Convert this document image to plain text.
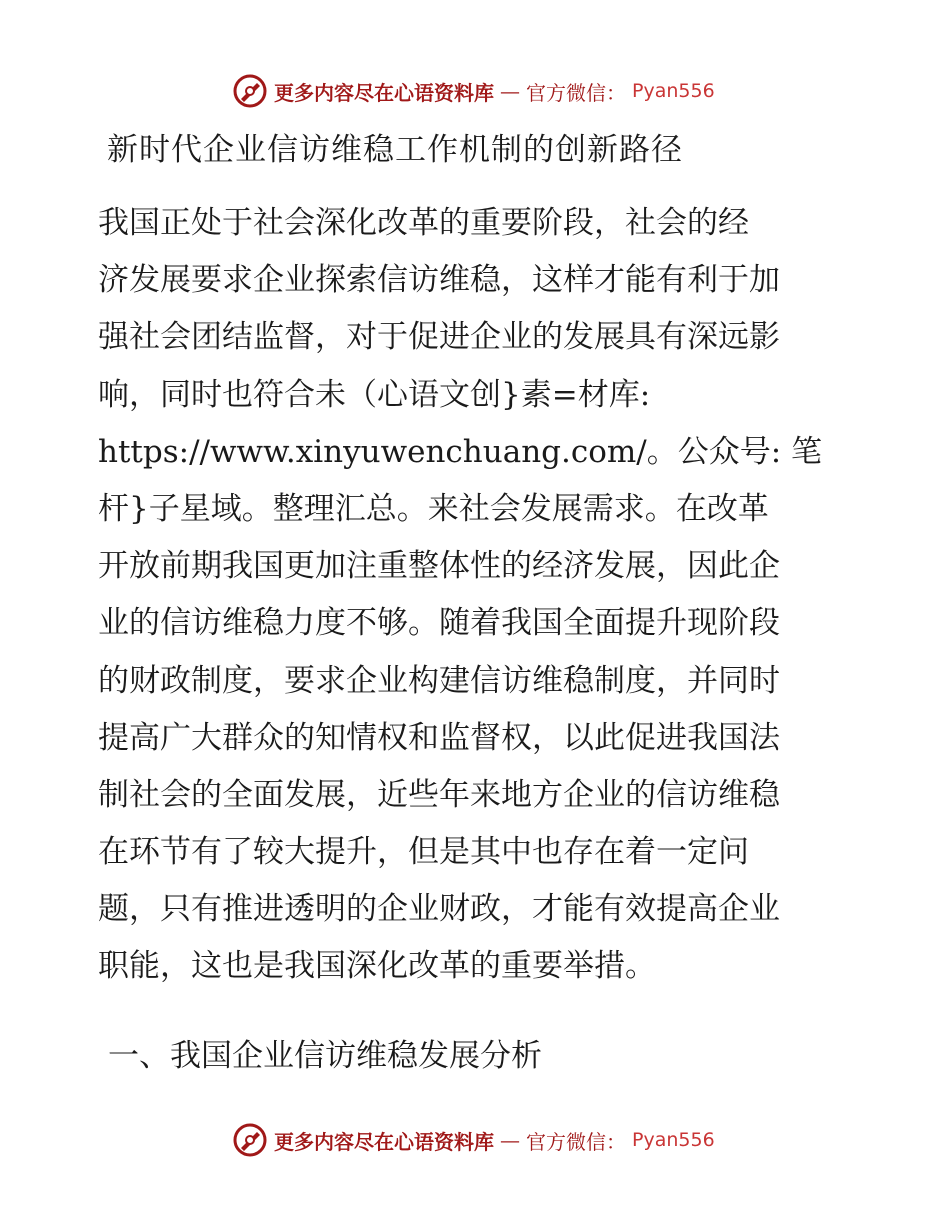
更多内容尽在心语资料库 — 官方微信： Pyan556
新时代企业信访维稳工作机制的创新路径
我国正处于社会深化改革的重要阶段，社会的经
济发展要求企业探索信访维稳，这样才能有利于加
强社会团结监督，对于促进企业的发展具有深远影
响，同时也符合未（心语文创}素=材库:
https://www.xinyuwenchuang.com/。公众号: 笔
杆}子星域。整理汇总。来社会发展需求。在改革
开放前期我国更加注重整体性的经济发展，因此企
业的信访维稳力度不够。随着我国全面提升现阶段
的财政制度，要求企业构建信访维稳制度，并同时
提高广大群众的知情权和监督权，以此促进我国法
制社会的全面发展，近些年来地方企业的信访维稳
在环节有了较大提升，但是其中也存在着一定问
题，只有推进透明的企业财政，才能有效提高企业
职能，这也是我国深化改革的重要举措。
一、我国企业信访维稳发展分析
更多内容尽在心语资料库 — 官方微信： Pyan556
